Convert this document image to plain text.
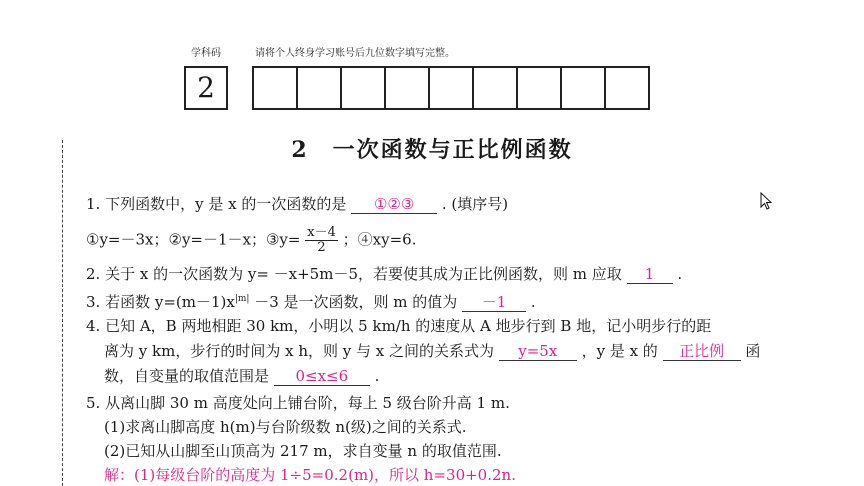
学科码	请将个人终身学习账号后九位数字填写完整。
2
2　一次函数与正比例函数
1. 下列函数中，y 是 x 的一次函数的是 ①②③ . (填序号)
①y=－3x；②y=－1－x；③y= $\frac{x-4}{2}$ ；④xy=6.
2. 关于 x 的一次函数为 y= －x+5m－5，若要使其成为正比例函数，则 m 应取 1 .
3. 若函数 $y=(m-1)x^{|m|} -3$ 是一次函数，则 m 的值为 －1 .
4. 已知 A，B 两地相距 30 km，小明以 5 km/h 的速度从 A 地步行到 B 地，记小明步行的距
离为 y km，步行的时间为 x h，则 y 与 x 之间的关系式为 y=5x ，y 是 x 的 正比例 函
数，自变量的取值范围是 0≤x≤6 .
5. 从离山脚 30 m 高度处向上铺台阶，每上 5 级台阶升高 1 m.
(1)求离山脚高度 h(m)与台阶级数 n(级)之间的关系式.
(2)已知从山脚至山顶高为 217 m，求自变量 n 的取值范围.
解：(1)每级台阶的高度为 1÷5=0.2(m)，所以 h=30+0.2n.
